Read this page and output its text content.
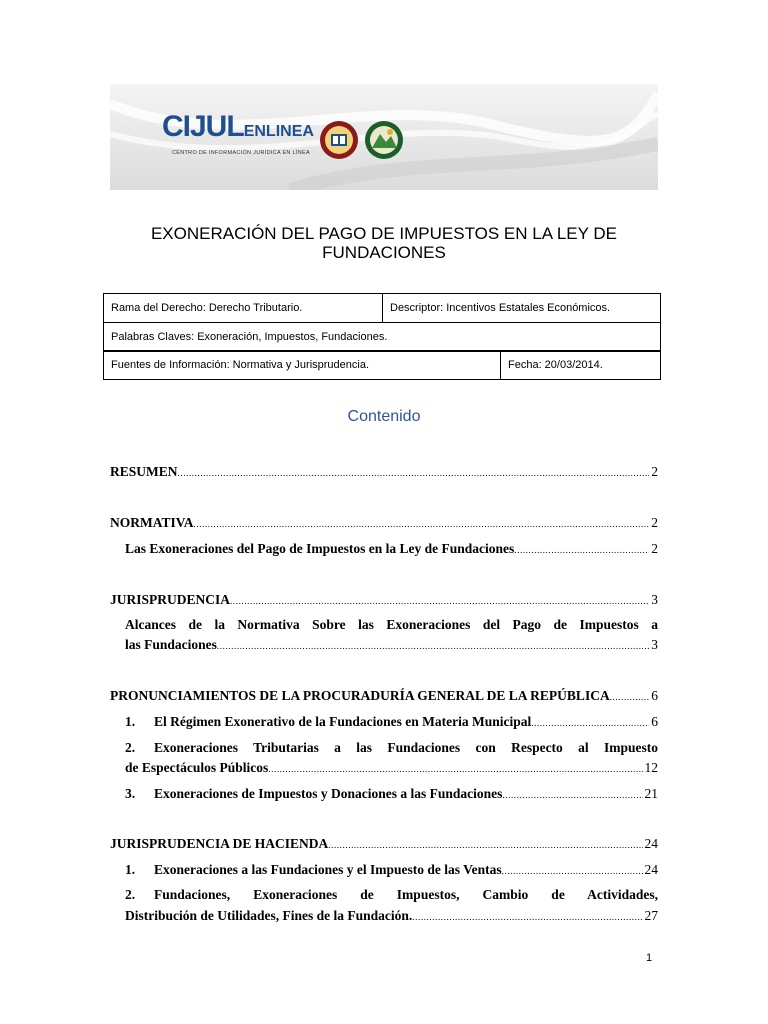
CIJULENLINEA
CENTRO DE INFORMACIÓN JURÍDICA EN LÍNEA
EXONERACIÓN DEL PAGO DE IMPUESTOS EN LA LEY DE
FUNDACIONES
Rama del Derecho: Derecho Tributario.	Descriptor: Incentivos Estatales Económicos.
Palabras Claves: Exoneración, Impuestos, Fundaciones.
Fuentes de Información: Normativa y Jurisprudencia.	Fecha: 20/03/2014.
Contenido
RESUMEN .....	2
NORMATIVA .....	2
Las Exoneraciones del Pago de Impuestos en la Ley de Fundaciones .....	2
JURISPRUDENCIA .....	3
Alcances de la Normativa Sobre las Exoneraciones del Pago de Impuestos a
las Fundaciones .....	3
PRONUNCIAMIENTOS DE LA PROCURADURÍA GENERAL DE LA REPÚBLICA .....	6
1.	El Régimen Exonerativo de la Fundaciones en Materia Municipal .....	6
2. Exoneraciones Tributarias a las Fundaciones con Respecto al Impuesto
de Espectáculos Públicos .....	12
3.	Exoneraciones de Impuestos y Donaciones a las Fundaciones .....	21
JURISPRUDENCIA DE HACIENDA .....	24
1.	Exoneraciones a las Fundaciones y el Impuesto de las Ventas .....	24
2. Fundaciones, Exoneraciones de Impuestos, Cambio de Actividades,
Distribución de Utilidades, Fines de la Fundación. .....	27
1
